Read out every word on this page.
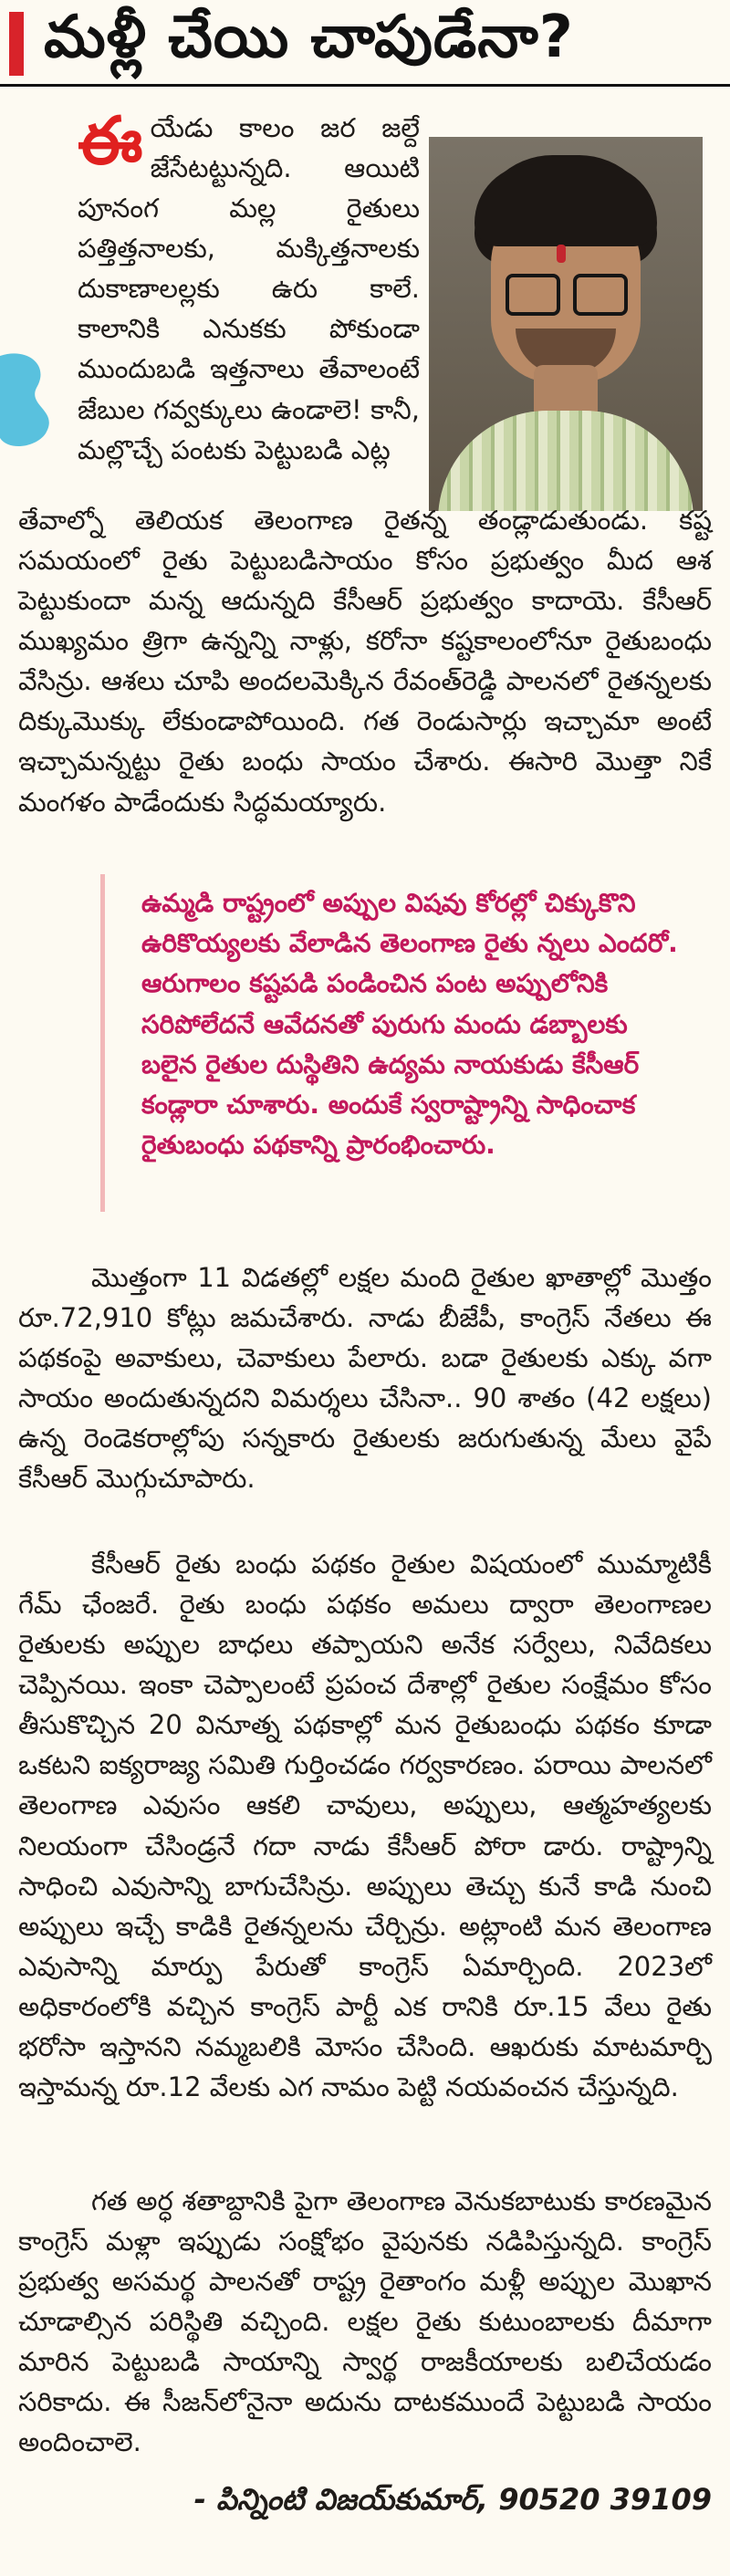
మళ్లీ చేయి చాపుడేనా?

ఈ యేడు కాలం జర జల్దే జేసేటట్టున్నది. ఆయిటి పూనంగ మల్ల రైతులు పత్తిత్తనాలకు, మక్కిత్తనాలకు దుకాణాలల్లకు ఉరు కాలే. కాలానికి ఎనుకకు పోకుండా ముందుబడి ఇత్తనాలు తేవాలంటే జేబుల గవ్వక్కులు ఉండాలె! కానీ, మల్లొచ్చే పంటకు పెట్టుబడి ఎట్ల

తేవాల్నో తెలియక తెలంగాణ రైతన్న తండ్లాడుతుండు. కష్ట సమయంలో రైతు పెట్టుబడిసాయం కోసం ప్రభుత్వం మీద ఆశ పెట్టుకుందా మన్న ఆదున్నది కేసీఆర్ ప్రభుత్వం కాదాయె. కేసీఆర్ ముఖ్యమం త్రిగా ఉన్నన్ని నాళ్లు, కరోనా కష్టకాలంలోనూ రైతుబంధు వేసిన్రు. ఆశలు చూపి అందలమెక్కిన రేవంత్‌రెడ్డి పాలనలో రైతన్నలకు దిక్కుమొక్కు లేకుండాపోయింది. గత రెండుసార్లు ఇచ్చామా అంటే ఇచ్చామన్నట్టు రైతు బంధు సాయం చేశారు. ఈసారి మొత్తా నికే మంగళం పాడేందుకు సిద్ధమయ్యారు.

ఉమ్మడి రాష్ట్రంలో అప్పుల విషవు కోరల్లో చిక్కుకొని ఉరికొయ్యలకు వేలాడిన తెలంగాణ రైతు న్నలు ఎందరో. ఆరుగాలం కష్టపడి పండించిన పంట అప్పులోనికి సరిపోలేదనే ఆవేదనతో పురుగు మందు డబ్బాలకు బలైన రైతుల దుస్థితిని ఉద్యమ నాయకుడు కేసీఆర్ కండ్లారా చూశారు. అందుకే స్వరాష్ట్రాన్ని సాధించాక రైతుబంధు పథకాన్ని ప్రారంభించారు.

మొత్తంగా 11 విడతల్లో లక్షల మంది రైతుల ఖాతాల్లో మొత్తం రూ.72,910 కోట్లు జమచేశారు. నాడు బీజేపీ, కాంగ్రెస్ నేతలు ఈ పథకంపై అవాకులు, చెవాకులు పేలారు. బడా రైతులకు ఎక్కు వగా సాయం అందుతున్నదని విమర్శలు చేసినా.. 90 శాతం (42 లక్షలు) ఉన్న రెండెకరాల్లోపు సన్నకారు రైతులకు జరుగుతున్న మేలు వైపే కేసీఆర్ మొగ్గుచూపారు.

కేసీఆర్ రైతు బంధు పథకం రైతుల విషయంలో ముమ్మాటికీ గేమ్ ఛేంజరే. రైతు బంధు పథకం అమలు ద్వారా తెలంగాణల రైతులకు అప్పుల బాధలు తప్పాయని అనేక సర్వేలు, నివేదికలు చెప్పినయి. ఇంకా చెప్పాలంటే ప్రపంచ దేశాల్లో రైతుల సంక్షేమం కోసం తీసుకొచ్చిన 20 వినూత్న పథకాల్లో మన రైతుబంధు పథకం కూడా ఒకటని ఐక్యరాజ్య సమితి గుర్తించడం గర్వకారణం. పరాయి పాలనలో తెలంగాణ ఎవుసం ఆకలి చావులు, అప్పులు, ఆత్మహత్యలకు నిలయంగా చేసిండ్రనే గదా నాడు కేసీఆర్ పోరా డారు. రాష్ట్రాన్ని సాధించి ఎవుసాన్ని బాగుచేసిన్రు. అప్పులు తెచ్చు కునే కాడి నుంచి అప్పులు ఇచ్చే కాడికి రైతన్నలను చేర్చిన్రు. అట్లాంటి మన తెలంగాణ ఎవుసాన్ని మార్పు పేరుతో కాంగ్రెస్ ఏమార్చింది. 2023లో అధికారంలోకి వచ్చిన కాంగ్రెస్ పార్టీ ఎక రానికి రూ.15 వేలు రైతు భరోసా ఇస్తానని నమ్మబలికి మోసం చేసింది. ఆఖరుకు మాటమార్చి ఇస్తామన్న రూ.12 వేలకు ఎగ నామం పెట్టి నయవంచన చేస్తున్నది.

గత అర్ధ శతాబ్దానికి పైగా తెలంగాణ వెనుకబాటుకు కారణమైన కాంగ్రెస్ మళ్లా ఇప్పుడు సంక్షోభం వైపునకు నడిపిస్తున్నది. కాంగ్రెస్ ప్రభుత్వ అసమర్థ పాలనతో రాష్ట్ర రైతాంగం మళ్లీ అప్పుల మొఖాన చూడాల్సిన పరిస్థితి వచ్చింది. లక్షల రైతు కుటుంబాలకు దీమాగా మారిన పెట్టుబడి సాయాన్ని స్వార్థ రాజకీయాలకు బలిచేయడం సరికాదు. ఈ సీజన్‌లోనైనా అదును దాటకముందే పెట్టుబడి సాయం అందించాలె.

- పిన్నింటి విజయ్‌కుమార్, 90520 39109
